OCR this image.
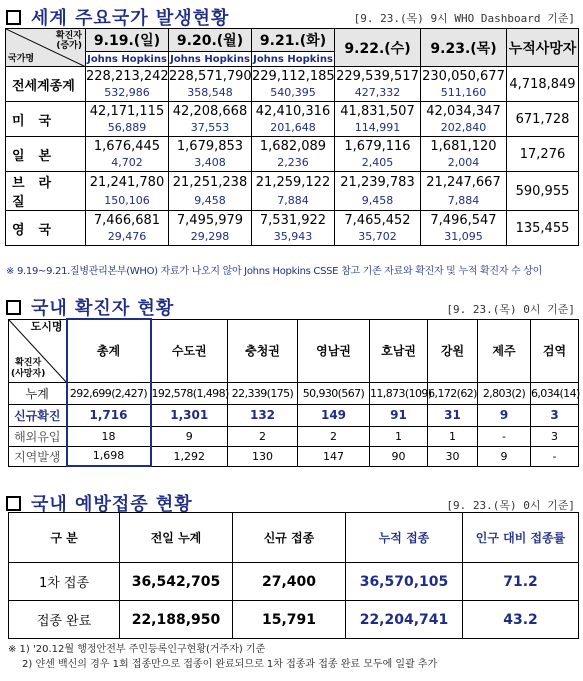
세계 주요국가 발생현황	[9. 23.(목) 9시 WHO Dashboard 기준]
확진자
(증가)
국가명	9.19.(일)	9.20.(월)	9.21.(화)	9.22.(수)	9.23.(목)	누적사망자
	Johns Hopkins	Johns Hopkins	Johns Hopkins			
전세계종계	228,213,242	228,571,790	229,112,185	229,539,517	230,050,677	4,718,849
	532,986	358,548	540,395	427,332	511,160	
미국	42,171,115	42,208,668	42,410,316	41,831,507	42,034,347	671,728
	56,889	37,553	201,648	114,991	202,840	
일본	1,676,445	1,679,853	1,682,089	1,679,116	1,681,120	17,276
	4,702	3,408	2,236	2,405	2,004	
브라질	21,241,780	21,251,238	21,259,122	21,239,783	21,247,667	590,955
	150,106	9,458	7,884	9,458	7,884	
영국	7,466,681	7,495,979	7,531,922	7,465,452	7,496,547	135,455
	29,476	29,298	35,943	35,702	31,095	
※ 9.19~9.21.질병관리본부(WHO) 자료가 나오지 않아 Johns Hopkins CSSE 참고 기존 자료와 확진자 및 누적 확진자 수 상이
국내 확진자 현황	[9. 23.(목) 0시 기준]
도시명
확진자
(사망자)	총계	수도권	충청권	영남권	호남권	강원	제주	검역
누계	292,699(2,427)	192,578(1,498)	22,339(175)	50,930(567)	11,873(109)	6,172(62)	2,803(2)	6,034(14)
신규확진	1,716	1,301	132	149	91	31	9	3
해외유입	18	9	2	2	1	1	-	3
지역발생	1,698	1,292	130	147	90	30	9	-
국내 예방접종 현황	[9. 23.(목) 0시 기준]
구 분	전일 누계	신규 접종	누적 접종	인구 대비 접종률
1차 접종	36,542,705	27,400	36,570,105	71.2
접종 완료	22,188,950	15,791	22,204,741	43.2
※ 1) '20.12월 행정안전부 주민등록인구현황(거주자) 기준
2) 얀센 백신의 경우 1회 접종만으로 접종이 완료되므로 1차 접종과 접종 완료 모두에 일괄 추가
